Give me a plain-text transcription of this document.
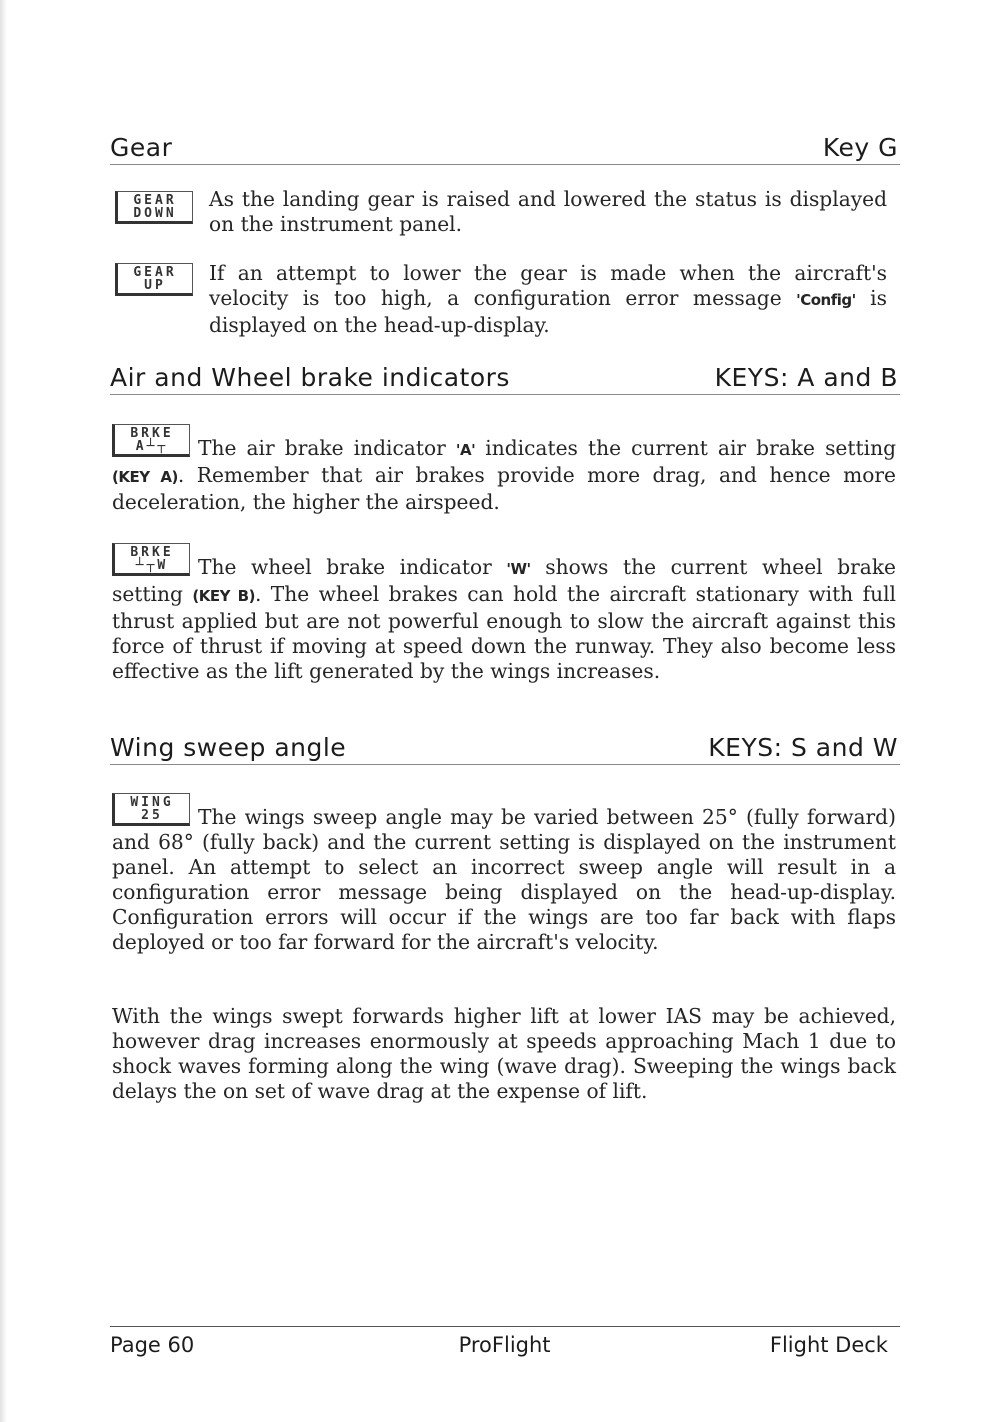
Gear	Key G
GEAR
DOWN

As the landing gear is raised and lowered the status is displayed on the instrument panel.

GEAR
UP

If an attempt to lower the gear is made when the aircraft's velocity is too high, a configuration error message 'Config' is displayed on the head-up-display.

Air and Wheel brake indicators	KEYS: A and B

BRKE
A┴┬	The air brake indicator 'A' indicates the current air brake setting (KEY A). Remember that air brakes provide more drag, and hence more deceleration, the higher the airspeed.

BRKE
┴┬W	The wheel brake indicator 'W' shows the current wheel brake setting (KEY B). The wheel brakes can hold the aircraft stationary with full thrust applied but are not powerful enough to slow the aircraft against this force of thrust if moving at speed down the runway. They also become less effective as the lift generated by the wings increases.

Wing sweep angle	KEYS: S and W

WING
25	The wings sweep angle may be varied between 25° (fully forward) and 68° (fully back) and the current setting is displayed on the instrument panel. An attempt to select an incorrect sweep angle will result in a configuration error message being displayed on the head-up-display. Configuration errors will occur if the wings are too far back with flaps deployed or too far forward for the aircraft's velocity.

With the wings swept forwards higher lift at lower IAS may be achieved, however drag increases enormously at speeds approaching Mach 1 due to shock waves forming along the wing (wave drag). Sweeping the wings back delays the on set of wave drag at the expense of lift.

Page 60	ProFlight	Flight Deck
